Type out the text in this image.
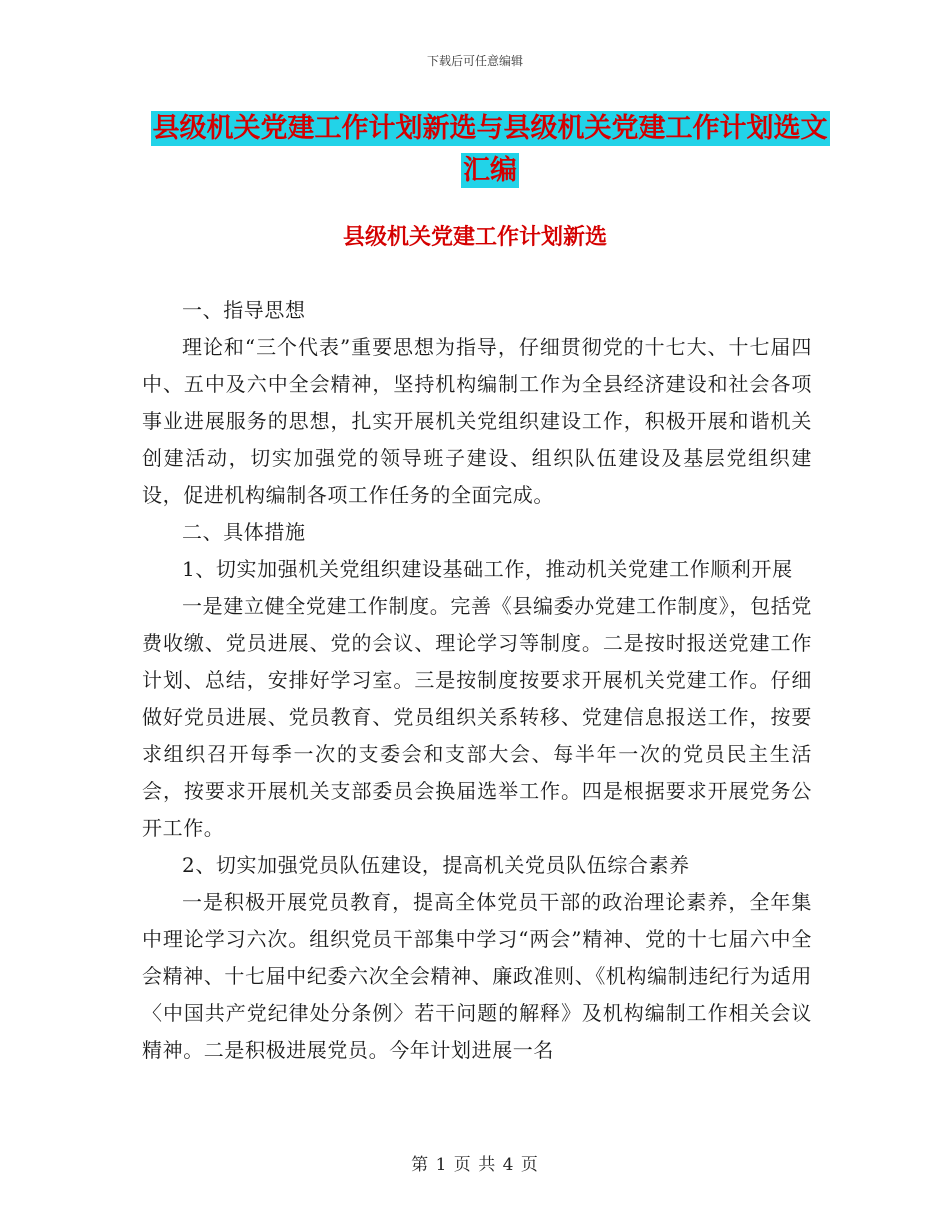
下载后可任意编辑
县级机关党建工作计划新选与县级机关党建工作计划选文汇编
县级机关党建工作计划新选

一、指导思想

理论和“三个代表”重要思想为指导，仔细贯彻党的十七大、十七届四中、五中及六中全会精神，坚持机构编制工作为全县经济建设和社会各项事业进展服务的思想，扎实开展机关党组织建设工作，积极开展和谐机关创建活动，切实加强党的领导班子建设、组织队伍建设及基层党组织建设，促进机构编制各项工作任务的全面完成。

二、具体措施

1、切实加强机关党组织建设基础工作，推动机关党建工作顺利开展

一是建立健全党建工作制度。完善《县编委办党建工作制度》，包括党费收缴、党员进展、党的会议、理论学习等制度。二是按时报送党建工作计划、总结，安排好学习室。三是按制度按要求开展机关党建工作。仔细做好党员进展、党员教育、党员组织关系转移、党建信息报送工作，按要求组织召开每季一次的支委会和支部大会、每半年一次的党员民主生活会，按要求开展机关支部委员会换届选举工作。四是根据要求开展党务公开工作。

2、切实加强党员队伍建设，提高机关党员队伍综合素养

一是积极开展党员教育，提高全体党员干部的政治理论素养，全年集中理论学习六次。组织党员干部集中学习“两会”精神、党的十七届六中全会精神、十七届中纪委六次全会精神、廉政准则、《机构编制违纪行为适用〈中国共产党纪律处分条例〉若干问题的解释》及机构编制工作相关会议精神。二是积极进展党员。今年计划进展一名

第 1 页 共 4 页
